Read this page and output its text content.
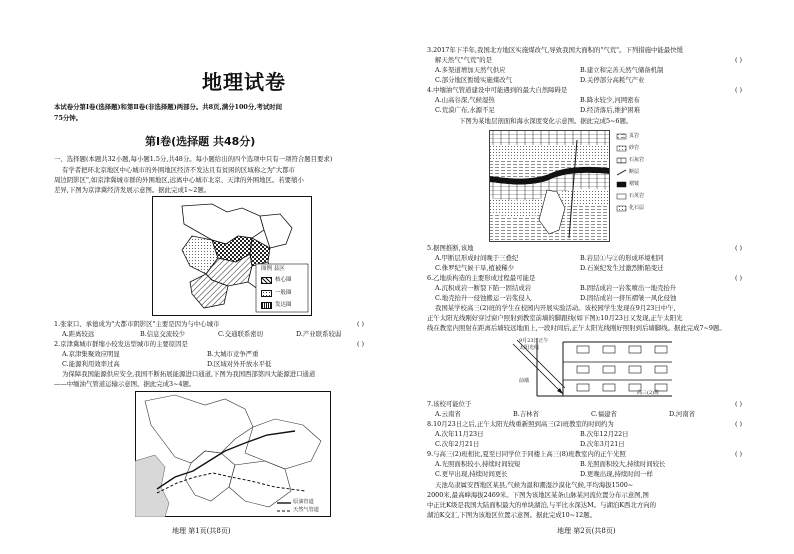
地理试卷
本试卷分第Ⅰ卷(选择题)和第Ⅱ卷(非选择题)两部分。共8页,满分100分,考试时间
75分钟。
第Ⅰ卷(选择题 共48分)
一、选择题(本题共32小题,每小题1.5分,共48分。每小题给出的四个选项中只有一项符合题目要求)
有学者把环北京地区中心城市的外围地区经济不发达且有贫困的区域称之为"大都市
周边阴影区",如京津冀城市群的外围地区,远离中心城市北京、天津的外围地区。若要缩小
差异,下图为京津冀经济发展示意图。据此完成1~2题。
图例 县区
核心圈
一般圈
发达圈
1.张家口、承德成为"大都市阴影区"主要是因为与中心城市	( )
A.距离较远	B.信息交流较少	C.交通联系密切	D.产业联系较弱
2.京津冀城市群缩小较发达型城市的主要原因是	( )
A.京津集聚效应明显	B.大城市竞争严重
C.能源利用效率过高	D.区域对外开放水平低
为保障我国能源供应安全,我国不断拓展能源进口通道,下图为我国西部第四大能源进口通道
——中缅油气管道运输示意图。据此完成3~4题。
原油管道
天然气管道
地理 第1页(共8页)
3.2017年下半年,我国北方地区实施煤改气,导致我国大面积的"气荒"。下列措施中能最快缓
解天然气"气荒"的是	( )
A.多渠道增加天然气供应	B.建立和完善天然气储备机制
C.部分地区暂缓实施煤改气	D.关停部分高耗气产业
4.中缅油气管道建设中可能遇到的最大自然障碍是	( )
A.山高谷深,气候湿热	B.降水较少,河网密布
C.荒漠广布,水源不足	D.经济落后,维护困难
下图为某地层剖面和海水深度变化示意图。据此完成5~6题。
页岩
砂岩
石灰岩
断层
褶皱
石英岩
化石层
5.据图推断,该地	( )
A.甲断层形成时间晚于三叠纪	B.岩层①与②的形成环境相同
C.侏罗纪气候干旱,植被稀少	D.石炭纪发生过激烈断陷变迁
6.乙地质构造的主要形成过程最可能是	( )
A.沉积成岩一断裂下陷一固结成岩	B.固结成岩一岩浆喷出一地壳抬升
C.地壳抬升一侵蚀搬运一岩浆侵入	D.固结成岩一挤压褶皱一风化侵蚀
我国某学校高三(2)班的学生在校园内开展实验活动。该校园学生发现在9月23日中午,
正午太阳光线刚好穿过窗户照射到教室前墙的脚跟线(如下图);10月23日又发现,正午太阳光
线在教室内照射在距离后墙较远地面上,一段时间后,正午太阳光线刚好照射到后墙脚线。据此完成7~9题。
9月23日正午
太阳光线
前墙
高三(2)班
7.该校可能位于	( )
A.云南省	B.吉林省	C.福建省	D.河南省
8.10月23日之后,正午太阳光线重新照到高三(2)班教室的时间约为	( )
A.次年11月23日	B.次年12月22日
C.次年2月21日	D.次年3月21日
9.与高三(2)班相比,夏至日同学位于同楼上高三(8)班教室内的正午光照	( )
A.光照面积较小,持续时间较短	B.光照面积较大,持续时间较长
C.更早出现,持续时间更长	D.更晚出现,持续时间一样
天池岛隶属安西地区某县,气候为温和潮湿沙漠化气候,平均海拔1500~
2000米,最高峰海拔2469米。下图为该地区某条山脉某河流位置分布示意图,图
中正比K级是我国大陆面积最大的单块湖泊,与平比水深达M。与湖泊K西北方向的
湖泊K交汇,下图为该地区位置示意图。据此完成10~12题。
地理 第2页(共8页)
